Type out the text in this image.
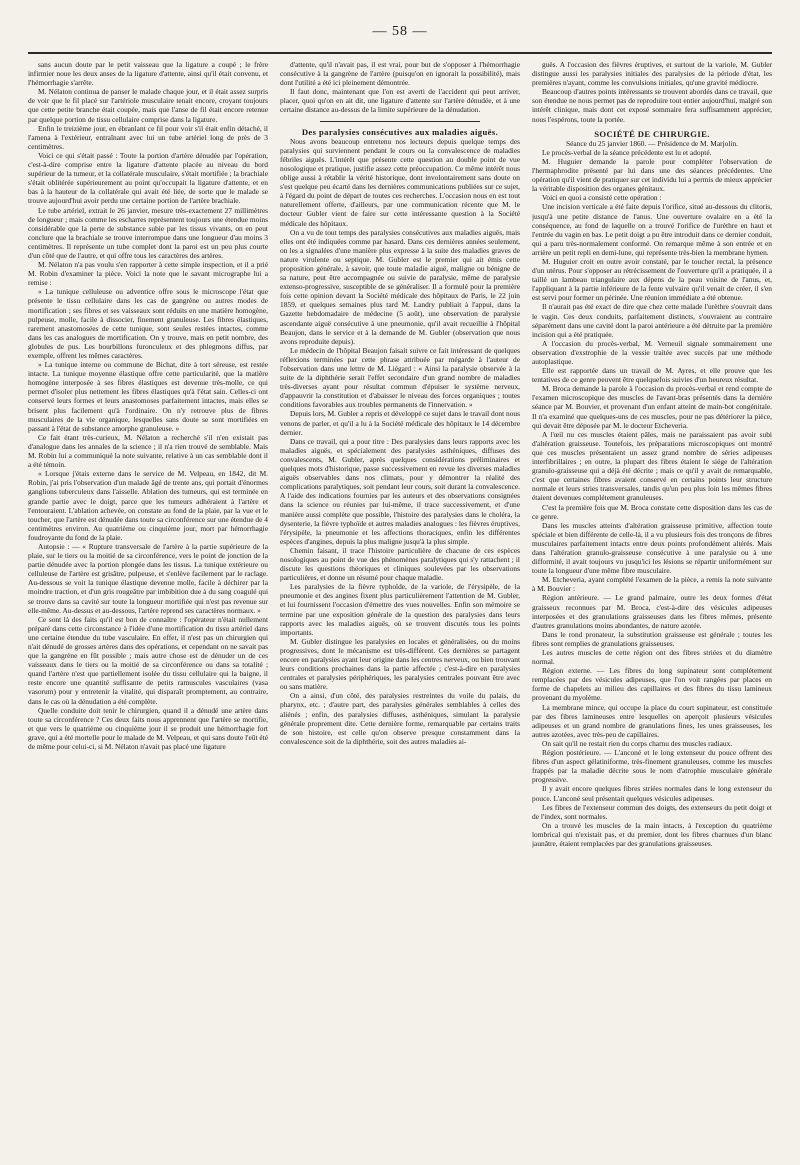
— 58 —

sans aucun doute par le petit vaisseau que la ligature a coupé ; le frère infirmier noue les deux anses de la ligature d'attente, ainsi qu'il était convenu, et l'hémorrhagie s'arrête.

M. Nélaton continua de panser le malade chaque jour, et il était assez surpris de voir que le fil placé sur l'artériole musculaire tenait encore, croyant toujours que cette petite branche était coupée, mais que l'anse de fil était encore retenue par quelque portion de tissu cellulaire comprise dans la ligature.

Enfin le treizième jour, en ébranlant ce fil pour voir s'il était enfin détaché, il l'amena à l'extérieur, entraînant avec lui un tube artériel long de près de 3 centimètres.

Voici ce qui s'était passé : Toute la portion d'artère dénudée par l'opération, c'est-à-dire comprise entre la ligature d'attente placée au niveau du bord supérieur de la tumeur, et la collatérale musculaire, s'était mortifiée ; la brachiale s'était oblitérée supérieurement au point qu'occupait la ligature d'attente, et en bas à la hauteur de la collatérale qui avait été liée, de sorte que le malade se trouve aujourd'hui avoir perdu une certaine portion de l'artère brachiale.

Le tube artériel, extrait le 26 janvier, mesure très-exactement 27 millimètres de longueur ; mais comme les escharres représentent toujours une étendue moins considérable que la perte de substance subie par les tissus vivants, on en peut conclure que la brachiale se trouve interrompue dans une longueur d'au moins 3 centimètres. Il représente un tube complet dont la paroi est un peu plus courte d'un côté que de l'autre, et qui offre tous les caractères des artères.

M. Nélaton n'a pas voulu s'en rapporter à cette simple inspection, et il a prié M. Robin d'examiner la pièce. Voici la note que le savant micrographe lui a remise :

« La tunique celluleuse ou adventice offre sous le microscope l'état que présente le tissu cellulaire dans les cas de gangrène ou autres modes de mortification ; ses fibres et ses vaisseaux sont réduits en une matière homogène, pulpeuse, molle, facile à dissocier, finement granuleuse. Les fibres élastiques, rarement anastomosées de cette tunique, sont seules restées intactes, comme dans les cas analogues de mortification. On y trouve, mais en petit nombre, des globules de pus. Les bourbillons furonculeux et des phlegmons diffus, par exemple, offrent les mêmes caractères.

» La tunique interne ou commune de Bichat, dite à tort séreuse, est restée intacte. La tunique moyenne élastique offre cette particularité, que la matière homogène interposée à ses fibres élastiques est devenue très-molle, ce qui permet d'isoler plus nettement les fibres élastiques qu'à l'état sain. Celles-ci ont conservé leurs formes et leurs anastomoses parfaitement intactes, mais elles se brisent plus facilement qu'à l'ordinaire. On n'y retrouve plus de fibres musculaires de la vie organique, lesquelles sans doute se sont mortifiées en passant à l'état de substance amorphe granuleuse. »

Ce fait étant très-curieux, M. Nélaton a recherché s'il n'en existait pas d'analogue dans les annales de la science ; il n'a rien trouvé de semblable. Mais M. Robin lui a communiqué la note suivante, relative à un cas semblable dont il a été témoin.

« Lorsque j'étais externe dans le service de M. Velpeau, en 1842, dit M. Robin, j'ai pris l'observation d'un malade âgé de trente ans, qui portait d'énormes ganglions tuberculeux dans l'aisselle. Ablation des tumeurs, qui est terminée en grande partie avec le doigt, parce que les tumeurs adhéraient à l'artère et l'entouraient. L'ablation achevée, on constate au fond de la plaie, par la vue et le toucher, que l'artère est dénudée dans toute sa circonférence sur une étendue de 4 centimètres environ. Au quatrième ou cinquième jour, mort par hémorrhagie foudroyante du fond de la plaie.

Autopsie : — « Rupture transversale de l'artère à la partie supérieure de la plaie, sur le tiers ou la moitié de sa circonférence, vers le point de jonction de la partie dénudée avec la portion plongée dans les tissus. La tunique extérieure ou celluleuse de l'artère est grisâtre, pulpeuse, et s'enlève facilement par le raclage. Au-dessous se voit la tunique élastique devenue molle, facile à déchirer par la moindre traction, et d'un gris rougeâtre par imbibition due à du sang coagulé qui se trouve dans sa cavité sur toute la longueur mortifiée qui n'est pas revenue sur elle-même. Au-dessus et au-dessous, l'artère reprend ses caractères normaux. »

Ce sont là des faits qu'il est bon de connaître : l'opérateur n'était nullement préparé dans cette circonstance à l'idée d'une mortification du tissu artériel dans une certaine étendue du tube vasculaire. En effet, il n'est pas un chirurgien qui n'ait dénudé de grosses artères dans des opérations, et cependant on ne savait pas que la gangrène en fût possible ; mais autre chose est de dénuder un de ces vaisseaux dans le tiers ou la moitié de sa circonférence ou dans sa totalité ; quand l'artère n'est que partiellement isolée du tissu cellulaire qui la baigne, il reste encore une quantité suffisante de petits ramuscules vasculaires (vasa vasorum) pour y entretenir la vitalité, qui disparaît promptement, au contraire, dans le cas où la dénudation a été complète.

Quelle conduite doit tenir le chirurgien, quand il a dénudé une artère dans toute sa circonférence ? Ces deux faits nous apprennent que l'artère se mortifie, et que vers le quatrième ou cinquième jour il se produit une hémorrhagie fort grave, qui a été mortelle pour le malade de M. Velpeau, et qui sans doute l'eût été de même pour celui-ci, si M. Nélaton n'avait pas placé une ligature

d'attente, qu'il n'avait pas, il est vrai, pour but de s'opposer à l'hémorrhagie consécutive à la gangrène de l'artère (puisqu'on en ignorait la possibilité), mais dont l'utilité a été ici pleinement démontrée.

Il faut donc, maintenant que l'on est averti de l'accident qui peut arriver, placer, quoi qu'on en ait dit, une ligature d'attente sur l'artère dénudée, et à une certaine distance au-dessus de la limite supérieure de la dénudation.

Des paralysies consécutives aux maladies aiguës.

Nous avons beaucoup entretenu nos lecteurs depuis quelque temps des paralysies qui surviennent pendant le cours ou la convalescence de maladies fébriles aiguës. L'intérêt que présente cette question au double point de vue nosologique et pratique, justifie assez cette préoccupation. Ce même intérêt nous oblige aussi à rétablir la vérité historique, dont involontairement sans doute on s'est quelque peu écarté dans les dernières communications publiées sur ce sujet, à l'égard du point de départ de toutes ces recherches. L'occasion nous en est tout naturellement offerte, d'ailleurs, par une communication récente que M. le docteur Gubler vient de faire sur cette intéressante question à la Société médicale des hôpitaux.

On a vu de tout temps des paralysies consécutives aux maladies aiguës, mais elles ont été indiquées comme par hasard. Dans ces dernières années seulement, on les a signalées d'une manière plus expresse à la suite des maladies graves de nature virulente ou septique. M. Gubler est le premier qui ait émis cette proposition générale, à savoir, que toute maladie aiguë, maligne ou bénigne de sa nature, peut être accompagnée ou suivie de paralysie, même de paralysie extenso-progressive, susceptible de se généraliser. Il a formulé pour la première fois cette opinion devant la Société médicale des hôpitaux de Paris, le 22 juin 1859, et quelques semaines plus tard M. Landry publiait à l'appui, dans la Gazette hebdomadaire de médecine (5 août), une observation de paralysie ascendante aiguë consécutive à une pneumonie, qu'il avait recueillie à l'hôpital Beaujon, dans le service et à la demande de M. Gubler (observation que nous avons reproduite depuis).

Le médecin de l'hôpital Beaujon faisait suivre ce fait intéressant de quelques réflexions terminées par cette phrase attribuée par mégarde à l'auteur de l'observation dans une lettre de M. Liégard : « Ainsi la paralysie observée à la suite de la diphthérie serait l'effet secondaire d'un grand nombre de maladies très-diverses ayant pour résultat commun d'épuiser le système nerveux, d'appauvrir la constitution et d'abaisser le niveau des forces organiques ; toutes conditions favorables aux troubles permanents de l'innervation. »

Depuis lors, M. Gubler a repris et développé ce sujet dans le travail dont nous venons de parler, et qu'il a lu à la Société médicale des hôpitaux le 14 décembre dernier.

Dans ce travail, qui a pour titre : Des paralysies dans leurs rapports avec les maladies aiguës, et spécialement des paralysies asthéniques, diffuses des convalescents, M. Gubler, après quelques considérations préliminaires et quelques mots d'historique, passe successivement en revue les diverses maladies aiguës observables dans nos climats, pour y démontrer la réalité des complications paralytiques, soit pendant leur cours, soit durant la convalescence. A l'aide des indications fournies par les auteurs et des observations consignées dans la science ou réunies par lui-même, il trace successivement, et d'une manière aussi complète que possible, l'histoire des paralysies dans le choléra, la dysenterie, la fièvre typhoïde et autres maladies analogues : les fièvres éruptives, l'érysipèle, la pneumonie et les affections thoraciques, enfin les différentes espèces d'angines, depuis la plus maligne jusqu'à la plus simple.

Chemin faisant, il trace l'histoire particulière de chacune de ces espèces nosologiques au point de vue des phénomènes paralytiques qui s'y rattachent ; il discute les questions théoriques et cliniques soulevées par les observations particulières, et donne un résumé pour chaque maladie.

Les paralysies de la fièvre typhoïde, de la variole, de l'érysipèle, de la pneumonie et des angines fixent plus particulièrement l'attention de M. Gubler, et lui fournissent l'occasion d'émettre des vues nouvelles. Enfin son mémoire se termine par une exposition générale de la question des paralysies dans leurs rapports avec les maladies aiguës, où se trouvent discutés tous les points importants.

M. Gubler distingue les paralysies en locales et généralisées, ou du moins progressives, dont le mécanisme est très-différent. Ces dernières se partagent encore en paralysies ayant leur origine dans les centres nerveux, ou bien trouvant leurs conditions prochaines dans la partie affectée ; c'est-à-dire en paralysies centrales et paralysies périphériques, les paralysies centrales pouvant être avec ou sans matière.

On a ainsi, d'un côté, des paralysies restreintes du voile du palais, du pharynx, etc. ; d'autre part, des paralysies générales semblables à celles des aliénés ; enfin, des paralysies diffuses, asthéniques, simulant la paralysie générale proprement dite. Cette dernière forme, remarquable par certains traits de son histoire, est celle qu'on observe presque constamment dans la convalescence soit de la diphthérie, soit des autres maladies ai-

guës. A l'occasion des fièvres éruptives, et surtout de la variole, M. Gubler distingue aussi les paralysies initiales des paralysies de la période d'état, les premières n'ayant, comme les convulsions initiales, qu'une gravité médiocre.

Beaucoup d'autres points intéressants se trouvent abordés dans ce travail, que son étendue ne nous permet pas de reproduire tout entier aujourd'hui, malgré son intérêt clinique, mais dont cet exposé sommaire fera suffisamment apprécier, nous l'espérons, toute la portée.

SOCIÉTÉ DE CHIRURGIE.

Séance du 25 janvier 1860. — Présidence de M. Marjolin.

Le procès-verbal de la séance précédente est lu et adopté.

M. Huguier demande la parole pour compléter l'observation de l'hermaphrodite présenté par lui dans une des séances précédentes. Une opération qu'il vient de pratiquer sur cet individu lui a permis de mieux apprécier la véritable disposition des organes génitaux.

Voici en quoi a consisté cette opération :

Une incision verticale a été faite depuis l'orifice, situé au-dessous du clitoris, jusqu'à une petite distance de l'anus. Une ouverture ovalaire en a été la conséquence, au fond de laquelle on a trouvé l'orifice de l'urèthre en haut et l'entrée du vagin en bas. Le petit doigt a pu être introduit dans ce dernier conduit, qui a paru très-normalement conformé. On remarque même à son entrée et en arrière un petit repli en demi-lune, qui représente très-bien la membrane hymen.

M. Huguier croit en outre avoir constaté, par le toucher rectal, la présence d'un utérus. Pour s'opposer au rétrécissement de l'ouverture qu'il a pratiquée, il a taillé un lambeau triangulaire aux dépens de la peau voisine de l'anus, et, l'appliquant à la partie inférieure de la fente vulvaire qu'il venait de créer, il s'en est servi pour former un périnée. Une réunion immédiate a été obtenue.

Il n'aurait pas été exact de dire que chez cette malade l'urèthre s'ouvrait dans le vagin. Ces deux conduits, parfaitement distincts, s'ouvraient au contraire séparément dans une cavité dont la paroi antérieure a été détruite par la première incision qui a été pratiquée.

A l'occasion du procès-verbal, M. Verneuil signale sommairement une observation d'exstrophie de la vessie traitée avec succès par une méthode autoplastique.

Elle est rapportée dans un travail de M. Ayres, et elle prouve que les tentatives de ce genre peuvent être quelquefois suivies d'un heureux résultat.

M. Broca demande la parole à l'occasion du procès-verbal et rend compte de l'examen microscopique des muscles de l'avant-bras présentés dans la dernière séance par M. Bouvier, et provenant d'un enfant atteint de main-bot congénitale. Il n'a examiné que quelques-uns de ces muscles, pour ne pas détériorer la pièce, qui devait être déposée par M. le docteur Etcheveria.

A l'œil nu ces muscles étaient pâles, mais ne paraissaient pas avoir subi d'altération graisseuse. Toutefois, les préparations microscopiques ont montré que ces muscles présentaient un assez grand nombre de séries adipeuses interfibrillaires ; en outre, la plupart des fibres étaient le siége de l'altération granulo-graisseuse qui a déjà été décrite ; mais ce qu'il y avait de remarquable, c'est que certaines fibres avaient conservé en certains points leur structure normale et leurs stries transversales, tandis qu'un peu plus loin les mêmes fibres étaient devenues complétement granuleuses.

C'est la première fois que M. Broca constate cette disposition dans les cas de ce genre.

Dans les muscles atteints d'altération graisseuse primitive, affection toute spéciale et bien différente de celle-là, il a vu plusieurs fois des tronçons de fibres musculaires parfaitement intacts entre deux points profondément altérés. Mais dans l'altération granulo-graisseuse consécutive à une paralysie ou à une difformité, il avait toujours vu jusqu'ici les lésions se répartir uniformément sur toute la longueur d'une même fibre musculaire.

M. Etcheveria, ayant complété l'examen de la pièce, a remis la note suivante à M. Bouvier :

Région antérieure. — Le grand palmaire, outre les deux formes d'état graisseux reconnues par M. Broca, c'est-à-dire des vésicules adipeuses interposées et des granulations graisseuses dans les fibres mêmes, présente d'autres granulations moins abondantes, de nature azotée.

Dans le rond pronateur, la substitution graisseuse est générale ; toutes les fibres sont remplies de granulations graisseuses.

Les autres muscles de cette région ont des fibres striées et du diamètre normal.

Région externe. — Les fibres du long supinateur sont complétement remplacées par des vésicules adipeuses, que l'on voit rangées par places en forme de chapelets au milieu des capillaires et des fibres du tissu lamineux provenant du myolème.

La membrane mince, qui occupe la place du court supinateur, est constituée par des fibres lamineuses entre lesquelles on aperçoit plusieurs vésicules adipeuses et un grand nombre de granulations fines, les unes graisseuses, les autres azotées, avec très-peu de capillaires.

On sait qu'il ne restait rien du corps charnu des muscles radiaux.

Région postérieure. — L'anconé et le long extenseur du pouce offrent des fibres d'un aspect gélatiniforme, très-finement granuleuses, comme les muscles frappés par la maladie décrite sous le nom d'atrophie musculaire générale progressive.

Il y avait encore quelques fibres striées normales dans le long extenseur du pouce. L'anconé seul présentait quelques vésicules adipeuses.

Les fibres de l'extenseur commun des doigts, des extenseurs du petit doigt et de l'index, sont normales.

On a trouvé les muscles de la main intacts, à l'exception du quatrième lombrical qui n'existait pas, et du premier, dont les fibres charnues d'un blanc jaunâtre, étaient remplacées par des granulations graisseuses.
